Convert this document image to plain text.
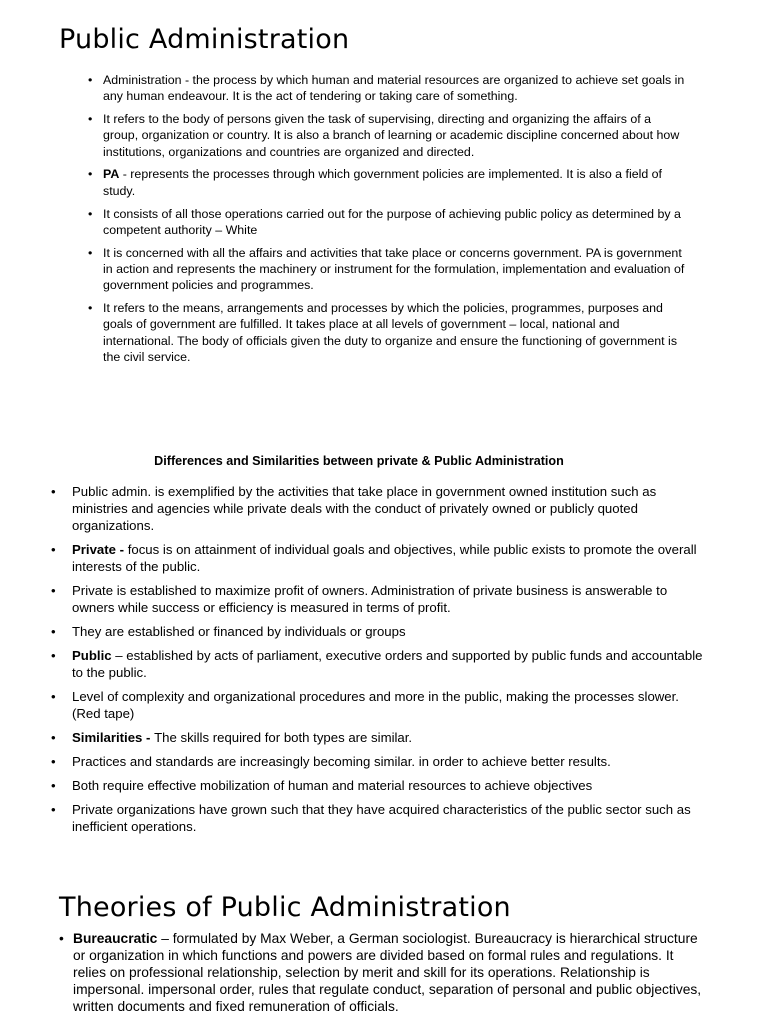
Public Administration
• Administration - the process by which human and material resources are organized to achieve set goals in any human endeavour. It is the act of tendering or taking care of something.
• It refers to the body of persons given the task of supervising, directing and organizing the affairs of a group, organization or country. It is also a branch of learning or academic discipline concerned about how institutions, organizations and countries are organized and directed.
• PA - represents the processes through which government policies are implemented. It is also a field of study.
• It consists of all those operations carried out for the purpose of achieving public policy as determined by a competent authority – White
• It is concerned with all the affairs and activities that take place or concerns government. PA is government in action and represents the machinery or instrument for the formulation, implementation and evaluation of government policies and programmes.
• It refers to the means, arrangements and processes by which the policies, programmes, purposes and goals of government are fulfilled. It takes place at all levels of government – local, national and international. The body of officials given the duty to organize and ensure the functioning of government is the civil service.
Differences and Similarities between private & Public Administration
• Public admin. is exemplified by the activities that take place in government owned institution such as ministries and agencies while private deals with the conduct of privately owned or publicly quoted organizations.
• Private - focus is on attainment of individual goals and objectives, while public exists to promote the overall interests of the public.
• Private is established to maximize profit of owners. Administration of private business is answerable to owners while success or efficiency is measured in terms of profit.
• They are established or financed by individuals or groups
• Public – established by acts of parliament, executive orders and supported by public funds and accountable to the public.
• Level of complexity and organizational procedures and more in the public, making the processes slower. (Red tape)
• Similarities - The skills required for both types are similar.
• Practices and standards are increasingly becoming similar. in order to achieve better results.
• Both require effective mobilization of human and material resources to achieve objectives
• Private organizations have grown such that they have acquired characteristics of the public sector such as inefficient operations.
Theories of Public Administration
• Bureaucratic – formulated by Max Weber, a German sociologist. Bureaucracy is hierarchical structure or organization in which functions and powers are divided based on formal rules and regulations. It relies on professional relationship, selection by merit and skill for its operations. Relationship is impersonal. impersonal order, rules that regulate conduct, separation of personal and public objectives, written documents and fixed remuneration of officials.
